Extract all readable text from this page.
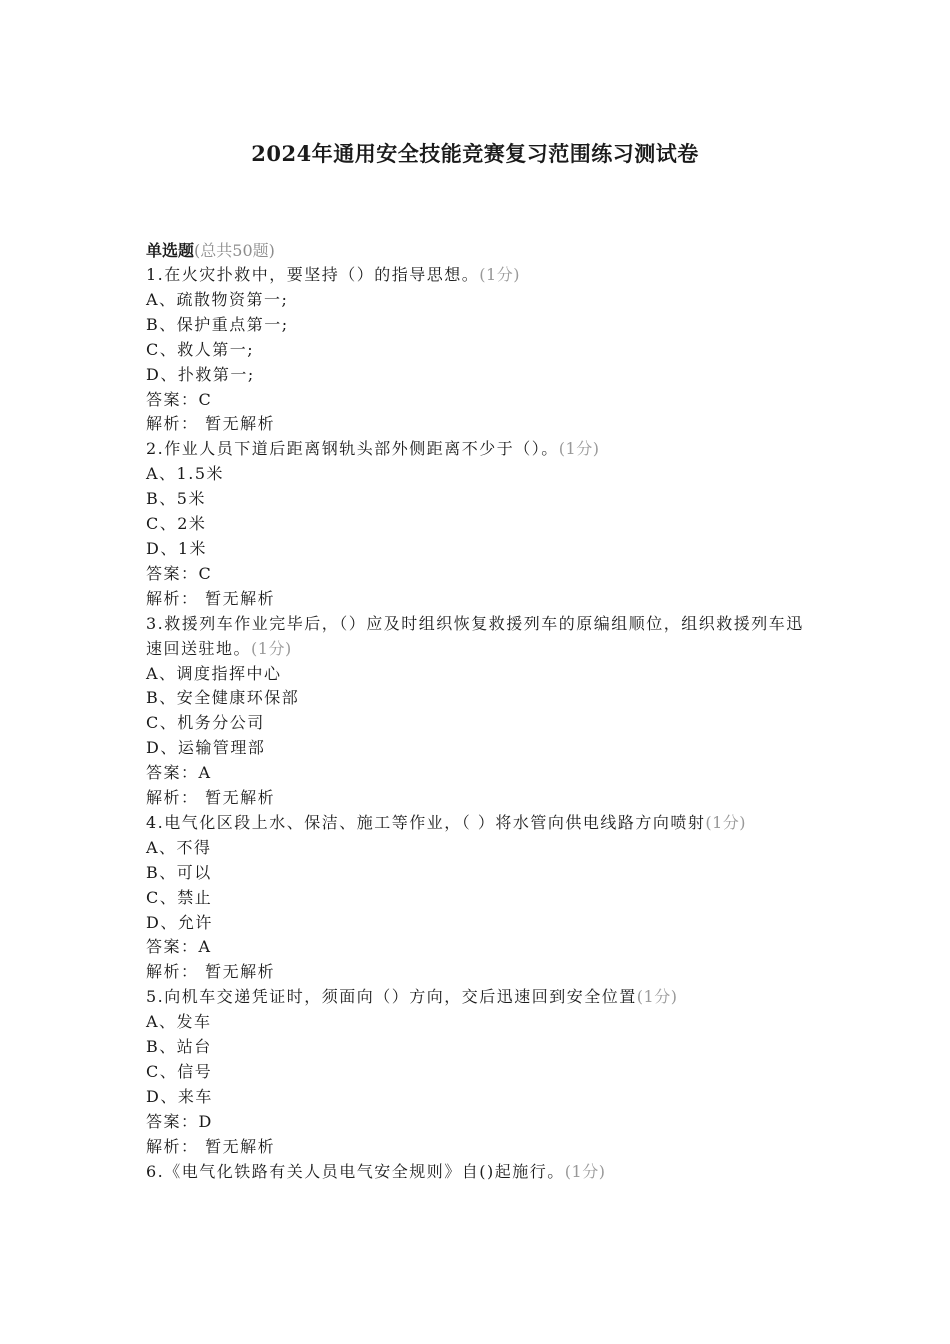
2024年通用安全技能竞赛复习范围练习测试卷
单选题(总共50题)
1.在火灾扑救中，要坚持（）的指导思想。(1分)
A、疏散物资第一;
B、保护重点第一;
C、救人第一;
D、扑救第一;
答案：C
解析： 暂无解析
2.作业人员下道后距离钢轨头部外侧距离不少于（）。(1分)
A、1.5米
B、5米
C、2米
D、1米
答案：C
解析： 暂无解析
3.救援列车作业完毕后，（）应及时组织恢复救援列车的原编组顺位，组织救援列车迅速回送驻地。(1分)
A、调度指挥中心
B、安全健康环保部
C、机务分公司
D、运输管理部
答案：A
解析： 暂无解析
4.电气化区段上水、保洁、施工等作业，（ ）将水管向供电线路方向喷射(1分)
A、不得
B、可以
C、禁止
D、允许
答案：A
解析： 暂无解析
5.向机车交递凭证时，须面向（）方向，交后迅速回到安全位置(1分)
A、发车
B、站台
C、信号
D、来车
答案：D
解析： 暂无解析
6.《电气化铁路有关人员电气安全规则》自()起施行。(1分)
